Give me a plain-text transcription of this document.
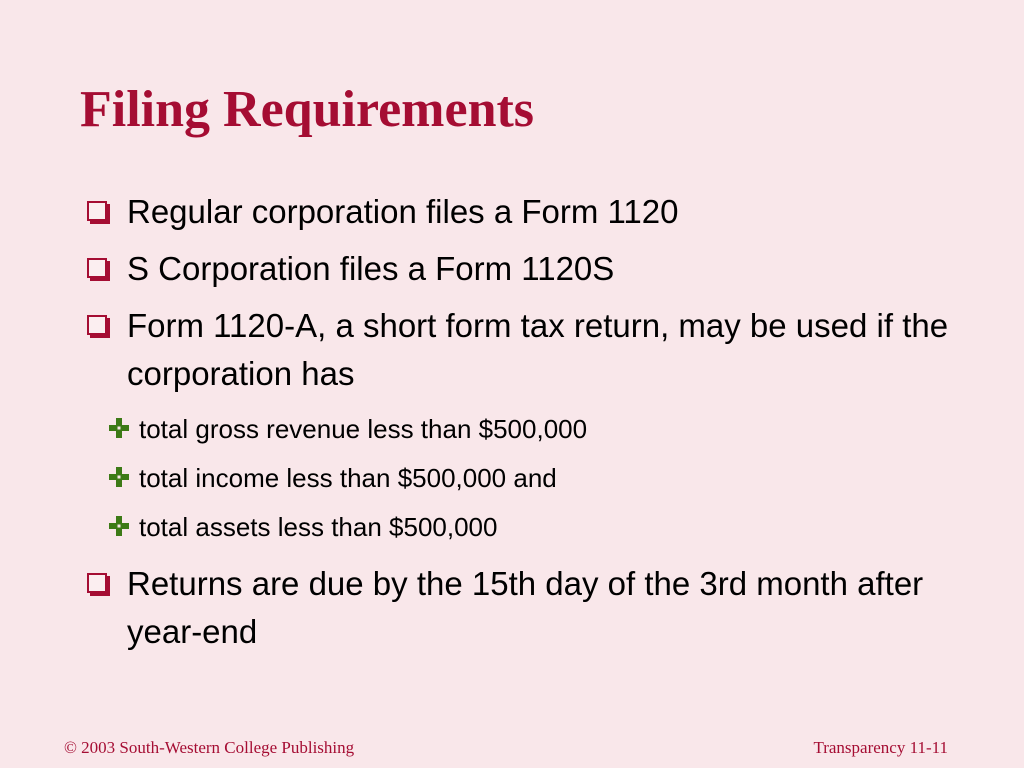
Filing Requirements
Regular corporation files a Form 1120
S Corporation files a Form 1120S
Form 1120-A, a short form tax return, may be used if the corporation has
total gross revenue less than $500,000
total income less than $500,000 and
total assets less than $500,000
Returns are due by the 15th day of the 3rd month after year-end
© 2003 South-Western College Publishing	Transparency 11-11
